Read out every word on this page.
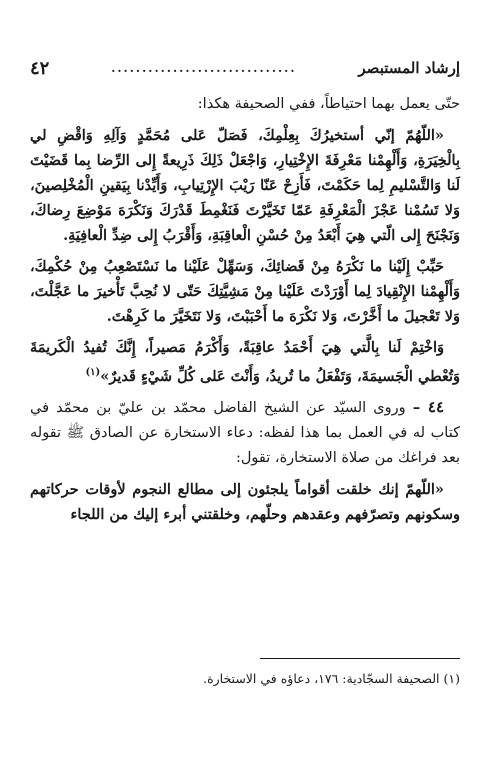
إرشاد المستبصر
..............................
٤٢

حتّى يعمل بهما احتياطاً، ففي الصحيفة هكذا:

«اللّهُمّ إنّي أستخيرُكَ بِعِلْمِكَ، فَصَلّ عَلى مُحَمَّدٍ وَآلِهِ وَاقْضِ لي بِالْخِيَرَةِ، وَأَلْهِمْنا مَعْرِفَةَ الإِخْتِيارِ، وَاجْعَلْ ذَلِكَ ذَرِيعةً إِلى الرِّضا بِما قَضَيْتَ لَنا وَالتَّسْليمِ لِما حَكَمْتَ، فَأَزِحْ عَنّا رَيْبَ الإِرْتِيابِ، وَأَيِّدْنا بِيَقينِ الْمُخْلِصينَ، وَلا تَسُمْنا عَجْزَ الْمَعْرِفَةِ عَمّا تَخَيَّرْتَ فَنَغْمِطَ قَدْرَكَ وَنَكْرَهَ مَوْضِعَ رِضاكَ، وَنَجْنَحَ إِلى الّتي هِيَ أَبْعَدُ مِنْ حُسْنِ الْعاقِبَةِ، وَأَقْرَبُ إِلى ضِدِّ الْعافِيَةِ.

حَبِّبْ إِلَيْنا ما نَكْرَهُ مِنْ قَضائِكَ، وَسَهِّلْ عَلَيْنا ما نَسْتَصْعِبُ مِنْ حُكْمِكَ، وَأَلْهِمْنا الإِنْقِيادَ لِما أَوْرَدْتَ عَلَيْنا مِنْ مَشِيَّتِكَ حَتّى لا نُحِبَّ تَأْخيرَ ما عَجَّلْتَ، وَلا تَعْجيلَ ما أَخَّرْتَ، وَلا نَكْرَهَ ما أَحْبَبْتَ، وَلا نَتَخَيَّرَ ما كَرِهْتَ.

وَاخْتِمْ لَنا بِالَّتي هِيَ أَحْمَدُ عاقِبَةً، وَأَكْرَمُ مَصيراً، إِنَّكَ تُفيدُ الْكَريمَةَ وَتُعْطي الْجَسيمَةَ، وَتَفْعَلُ ما تُريدُ، وَأَنْتَ عَلى كُلِّ شَيْءٍ قَديرٌ»$^{(١)}$

٤٤ – وروى السيّد عن الشيخ الفاضل محمّد بن عليّ بن محمّد في كتاب له في العمل بما هذا لفظه: دعاء الاستخارة عن الصادق ﷺ تقوله بعد فراغك من صلاة الاستخارة، تقول:

«اللّهمّ إنك خلقت أقواماً يلجئون إلى مطالع النجوم لأوقات حركاتهم وسكونهم وتصرّفهم وعقدهم وحلّهم، وخلقتني أبرء إليك من اللجاء

(١) الصحيفة السجّادية: ١٧٦، دعاؤه في الاستخارة.
